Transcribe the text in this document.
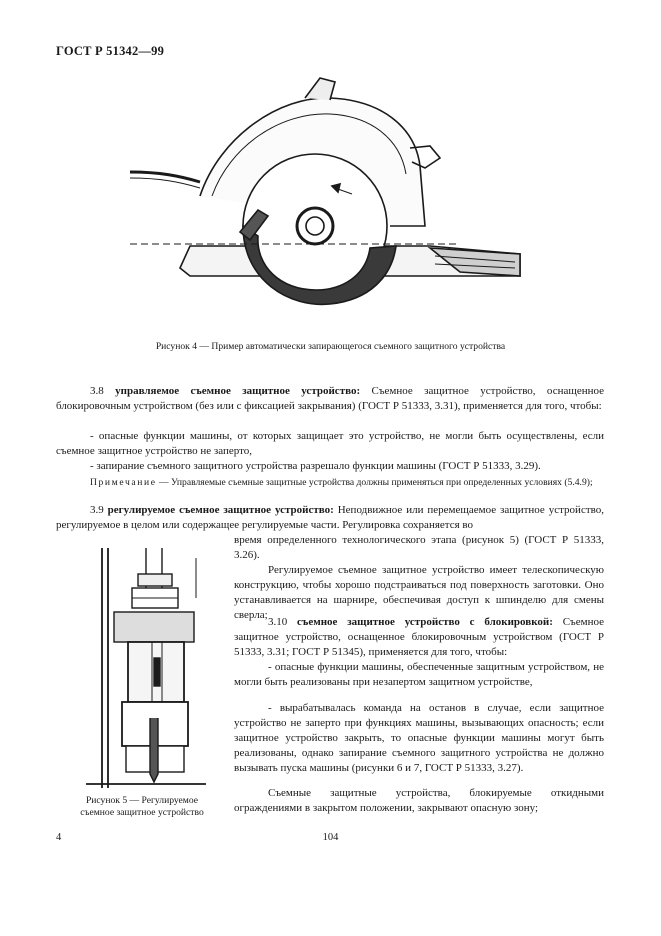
ГОСТ Р 51342—99
Рисунок 4 — Пример автоматически запирающегося съемного защитного устройства
3.8 управляемое съемное защитное устройство: Съемное защитное устройство, оснащенное блокировочным устройством (без или с фиксацией закрывания) (ГОСТ Р 51333, 3.31), применяется для того, чтобы:
- опасные функции машины, от которых защищает это устройство, не могли быть осуществлены, если съемное защитное устройство не заперто,
- запирание съемного защитного устройства разрешало функции машины (ГОСТ Р 51333, 3.29).
Примечание — Управляемые съемные защитные устройства должны применяться при определенных условиях (5.4.9);
3.9 регулируемое съемное защитное устройство: Неподвижное или перемещаемое защитное устройство, регулируемое в целом или содержащее регулируемые части. Регулировка сохраняется во
время определенного технологического этапа (рисунок 5) (ГОСТ Р 51333, 3.26).
Регулируемое съемное защитное устройство имеет телескопическую конструкцию, чтобы хорошо подстраиваться под поверхность заготовки. Оно устанавливается на шарнире, обеспечивая доступ к шпинделю для смены сверла;
3.10 съемное защитное устройство с блокировкой: Съемное защитное устройство, оснащенное блокировочным устройством (ГОСТ Р 51333, 3.31; ГОСТ Р 51345), применяется для того, чтобы:
- опасные функции машины, обеспеченные защитным устройством, не могли быть реализованы при незапертом защитном устройстве,
- вырабатывалась команда на останов в случае, если защитное устройство не заперто при функциях машины, вызывающих опасность; если защитное устройство закрыть, то опасные функции машины могут быть реализованы, однако запирание съемного защитного устройства не должно вызывать пуска машины (рисунки 6 и 7, ГОСТ Р 51333, 3.27).
Съемные защитные устройства, блокируемые откидными ограждениями в закрытом положении, закрывают опасную зону;
Рисунок 5 — Регулируемое
съемное защитное устройство
4	104
